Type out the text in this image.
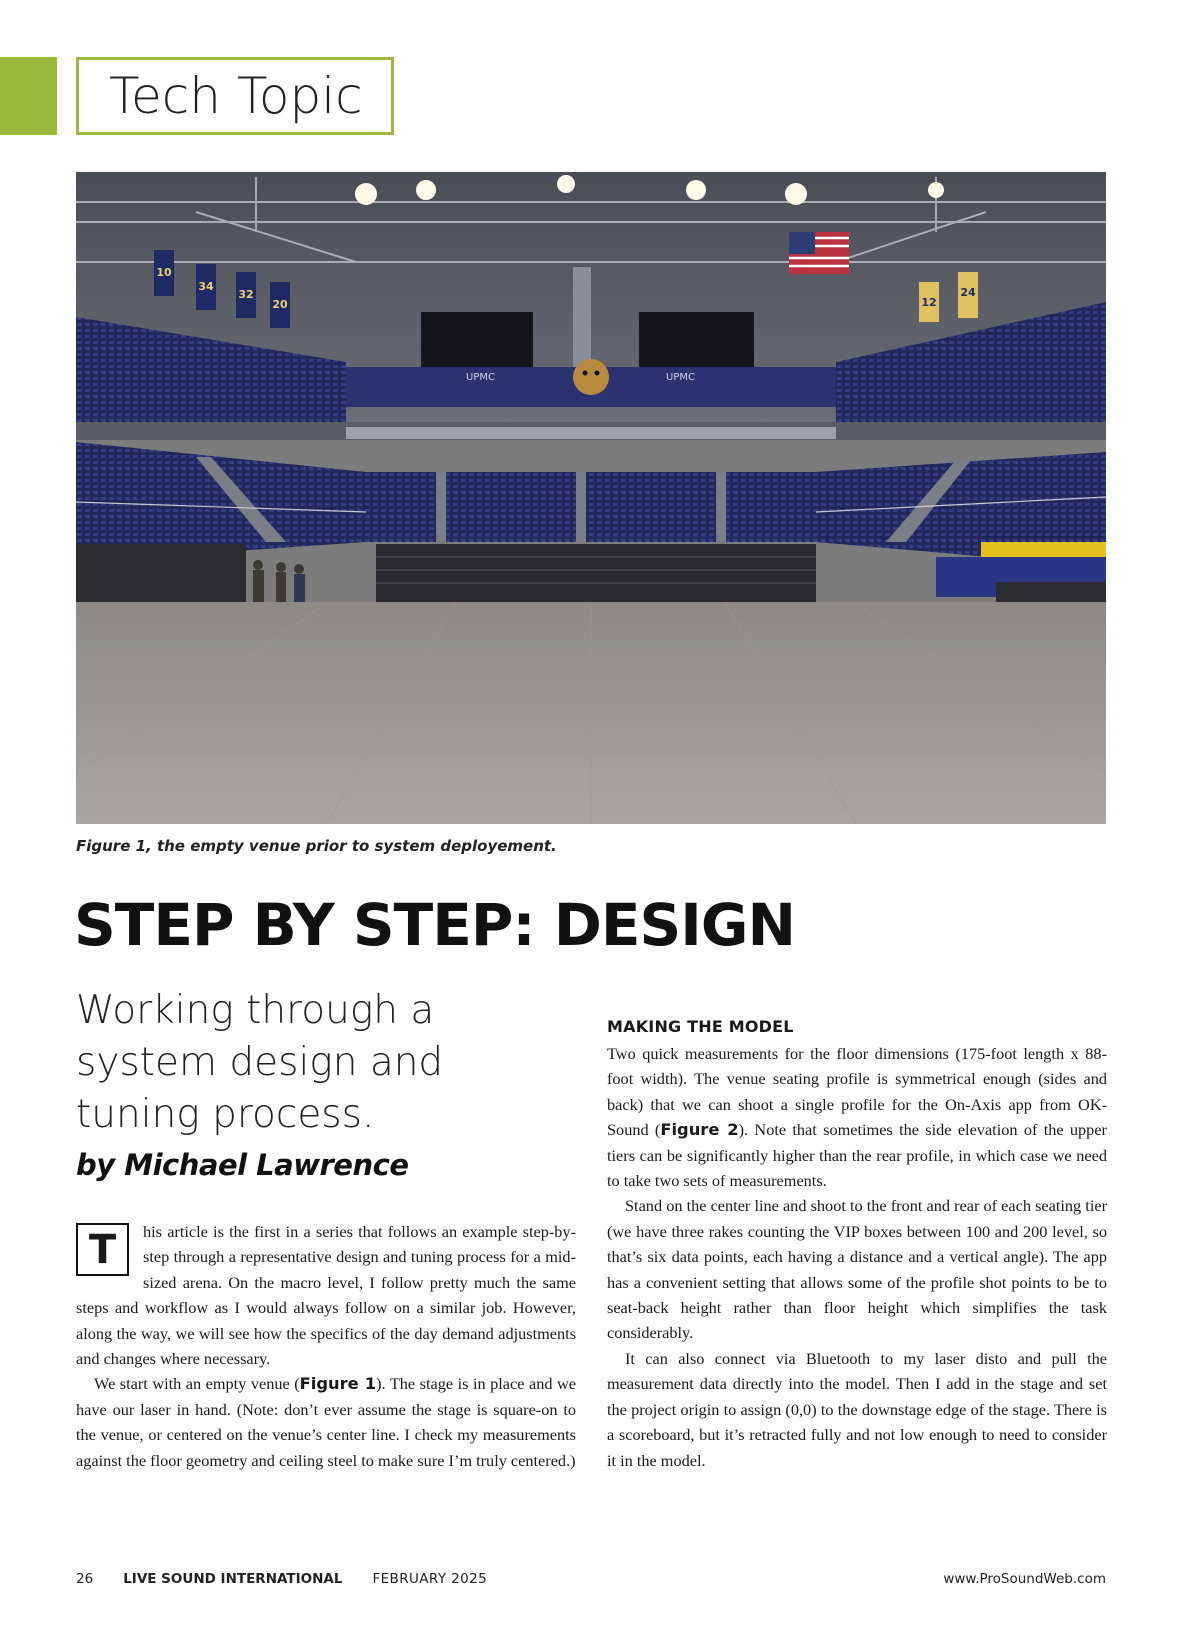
Tech Topic
10
34
32
20	12
24
UPMC	UPMC
Figure 1, the empty venue prior to system deployement.
STEP BY STEP: DESIGN

Working through a system design and tuning process.

by Michael Lawrence

T	his article is the first in a series that follows an example step-by-step through a representative design and tuning process for a mid-sized arena. On the macro level, I follow pretty much the same steps and workflow as I would always follow on a similar job. However, along the way, we will see how the specifics of the day demand adjustments and changes where necessary.

We start with an empty venue (Figure 1). The stage is in place and we have our laser in hand. (Note: don’t ever assume the stage is square-on to the venue, or centered on the venue’s center line. I check my measurements against the floor geometry and ceiling steel to make sure I’m truly centered.)

MAKING THE MODEL

Two quick measurements for the floor dimensions (175-foot length x 88-foot width). The venue seating profile is symmetrical enough (sides and back) that we can shoot a single profile for the On-Axis app from OK-Sound (Figure 2). Note that sometimes the side elevation of the upper tiers can be significantly higher than the rear profile, in which case we need to take two sets of measurements.

Stand on the center line and shoot to the front and rear of each seating tier (we have three rakes counting the VIP boxes between 100 and 200 level, so that’s six data points, each having a distance and a vertical angle). The app has a convenient setting that allows some of the profile shot points to be to seat-back height rather than floor height which simplifies the task considerably.

It can also connect via Bluetooth to my laser disto and pull the measurement data directly into the model. Then I add in the stage and set the project origin to assign (0,0) to the downstage edge of the stage. There is a scoreboard, but it’s retracted fully and not low enough to need to consider it in the model.

26 LIVE SOUND INTERNATIONAL FEBRUARY 2025	www.ProSoundWeb.com
